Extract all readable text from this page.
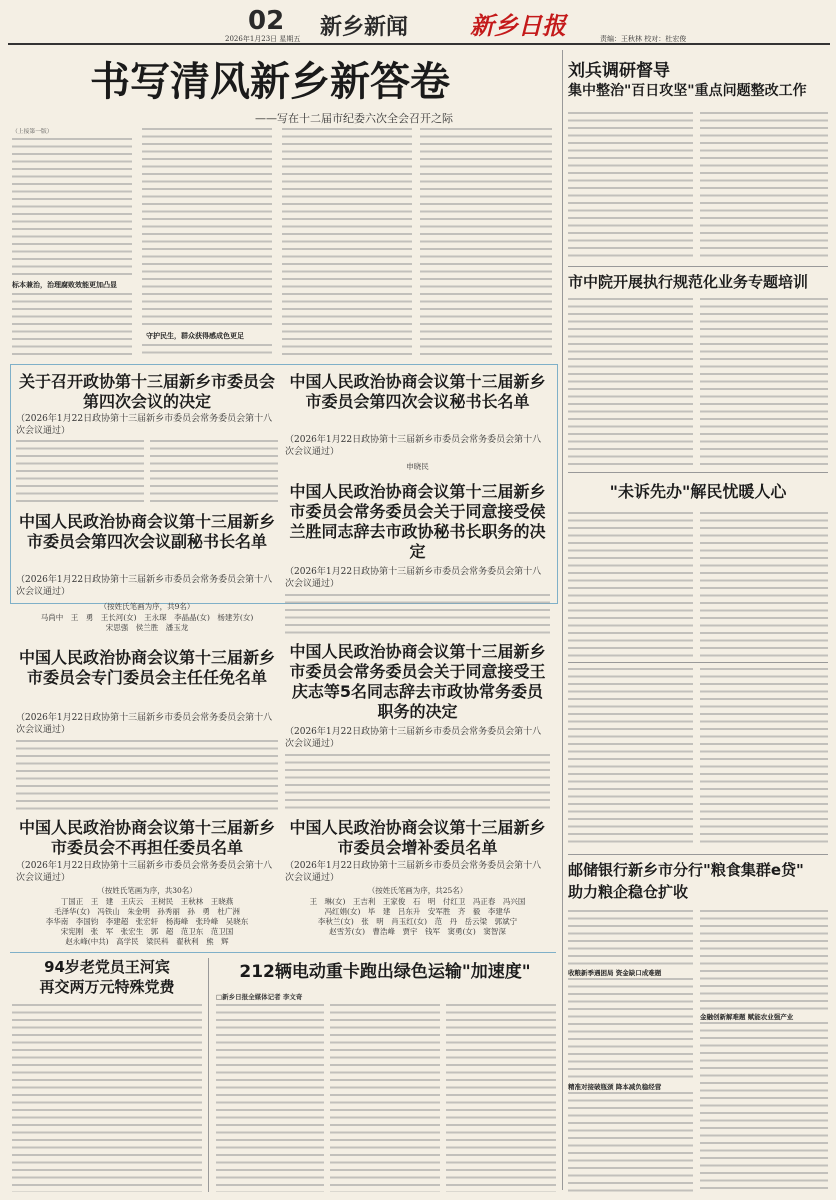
02	新乡新闻	新乡日报
2026年1月23日 星期五	责编：王秋林 校对：杜宏俊
书写清风新乡新答卷
——写在十二届市纪委六次全会召开之际
（上接第一版）
标本兼治，治理腐败效能更加凸显
守护民生，群众获得感成色更足
关于召开政协第十三届新乡市委员会第四次会议的决定
（2026年1月22日政协第十三届新乡市委员会常务委员会第十八次会议通过）
中国人民政治协商会议第十三届新乡市委员会第四次会议副秘书长名单
（2026年1月22日政协第十三届新乡市委员会常务委员会第十八次会议通过）
（按姓氏笔画为序，共9名）
马尚中　王　勇　王长河(女)　王永琛　李晶晶(女)　杨建芳(女)
宋思强　侯兰胜　潘玉龙
中国人民政治协商会议第十三届新乡市委员会专门委员会主任任免名单
（2026年1月22日政协第十三届新乡市委员会常务委员会第十八次会议通过）
中国人民政治协商会议第十三届新乡市委员会不再担任委员名单
（2026年1月22日政协第十三届新乡市委员会常务委员会第十八次会议通过）
（按姓氏笔画为序，共30名）
丁国正　王　建　王庆云　王树民　王秋林　王晓燕
毛泽华(女)　冯铁山　朱金明　孙秀丽　孙　勇　杜广洲
李华南　李国钧　李建超　张宏轩　杨海峰　张玲峰　吴晓东
宋宪刚　张　军　张宏生　郭　超　范卫东　范卫国
赵永峰(中共)　高学民　梁民科　翟秋利　熊　辉
中国人民政治协商会议第十三届新乡市委员会第四次会议秘书长名单
（2026年1月22日政协第十三届新乡市委员会常务委员会第十八次会议通过）
申晓民
中国人民政治协商会议第十三届新乡市委员会常务委员会关于同意接受侯兰胜同志辞去市政协秘书长职务的决定
（2026年1月22日政协第十三届新乡市委员会常务委员会第十八次会议通过）
中国人民政治协商会议第十三届新乡市委员会常务委员会关于同意接受王庆志等5名同志辞去市政协常务委员职务的决定
（2026年1月22日政协第十三届新乡市委员会常务委员会第十八次会议通过）
中国人民政治协商会议第十三届新乡市委员会增补委员名单
（2026年1月22日政协第十三届新乡市委员会常务委员会第十八次会议通过）
（按姓氏笔画为序，共25名）
王　琳(女)　王吉利　王家俊　石　明　付红卫　冯正春　冯兴国
冯红娟(女)　毕　建　吕东升　安军胜　齐　毅　李建华
李秋兰(女)　张　明　肖玉红(女)　范　丹　岳云梁　郭斌宁
赵雪芳(女)　曹浩峰　贾宇　钱军　窦勇(女)　窦智深
刘兵调研督导
集中整治"百日攻坚"重点问题整改工作
市中院开展执行规范化业务专题培训
"未诉先办"解民忧暖人心
邮储银行新乡市分行"粮食集群e贷"
助力粮企稳仓扩收
收粮新季遇困局 资金缺口成难题
精准对接破瓶颈 降本减负稳经营
金融创新解难题 赋能农业强产业
94岁老党员王河宾
再交两万元特殊党费
212辆电动重卡跑出绿色运输"加速度"
□新乡日报全媒体记者 李文奇
